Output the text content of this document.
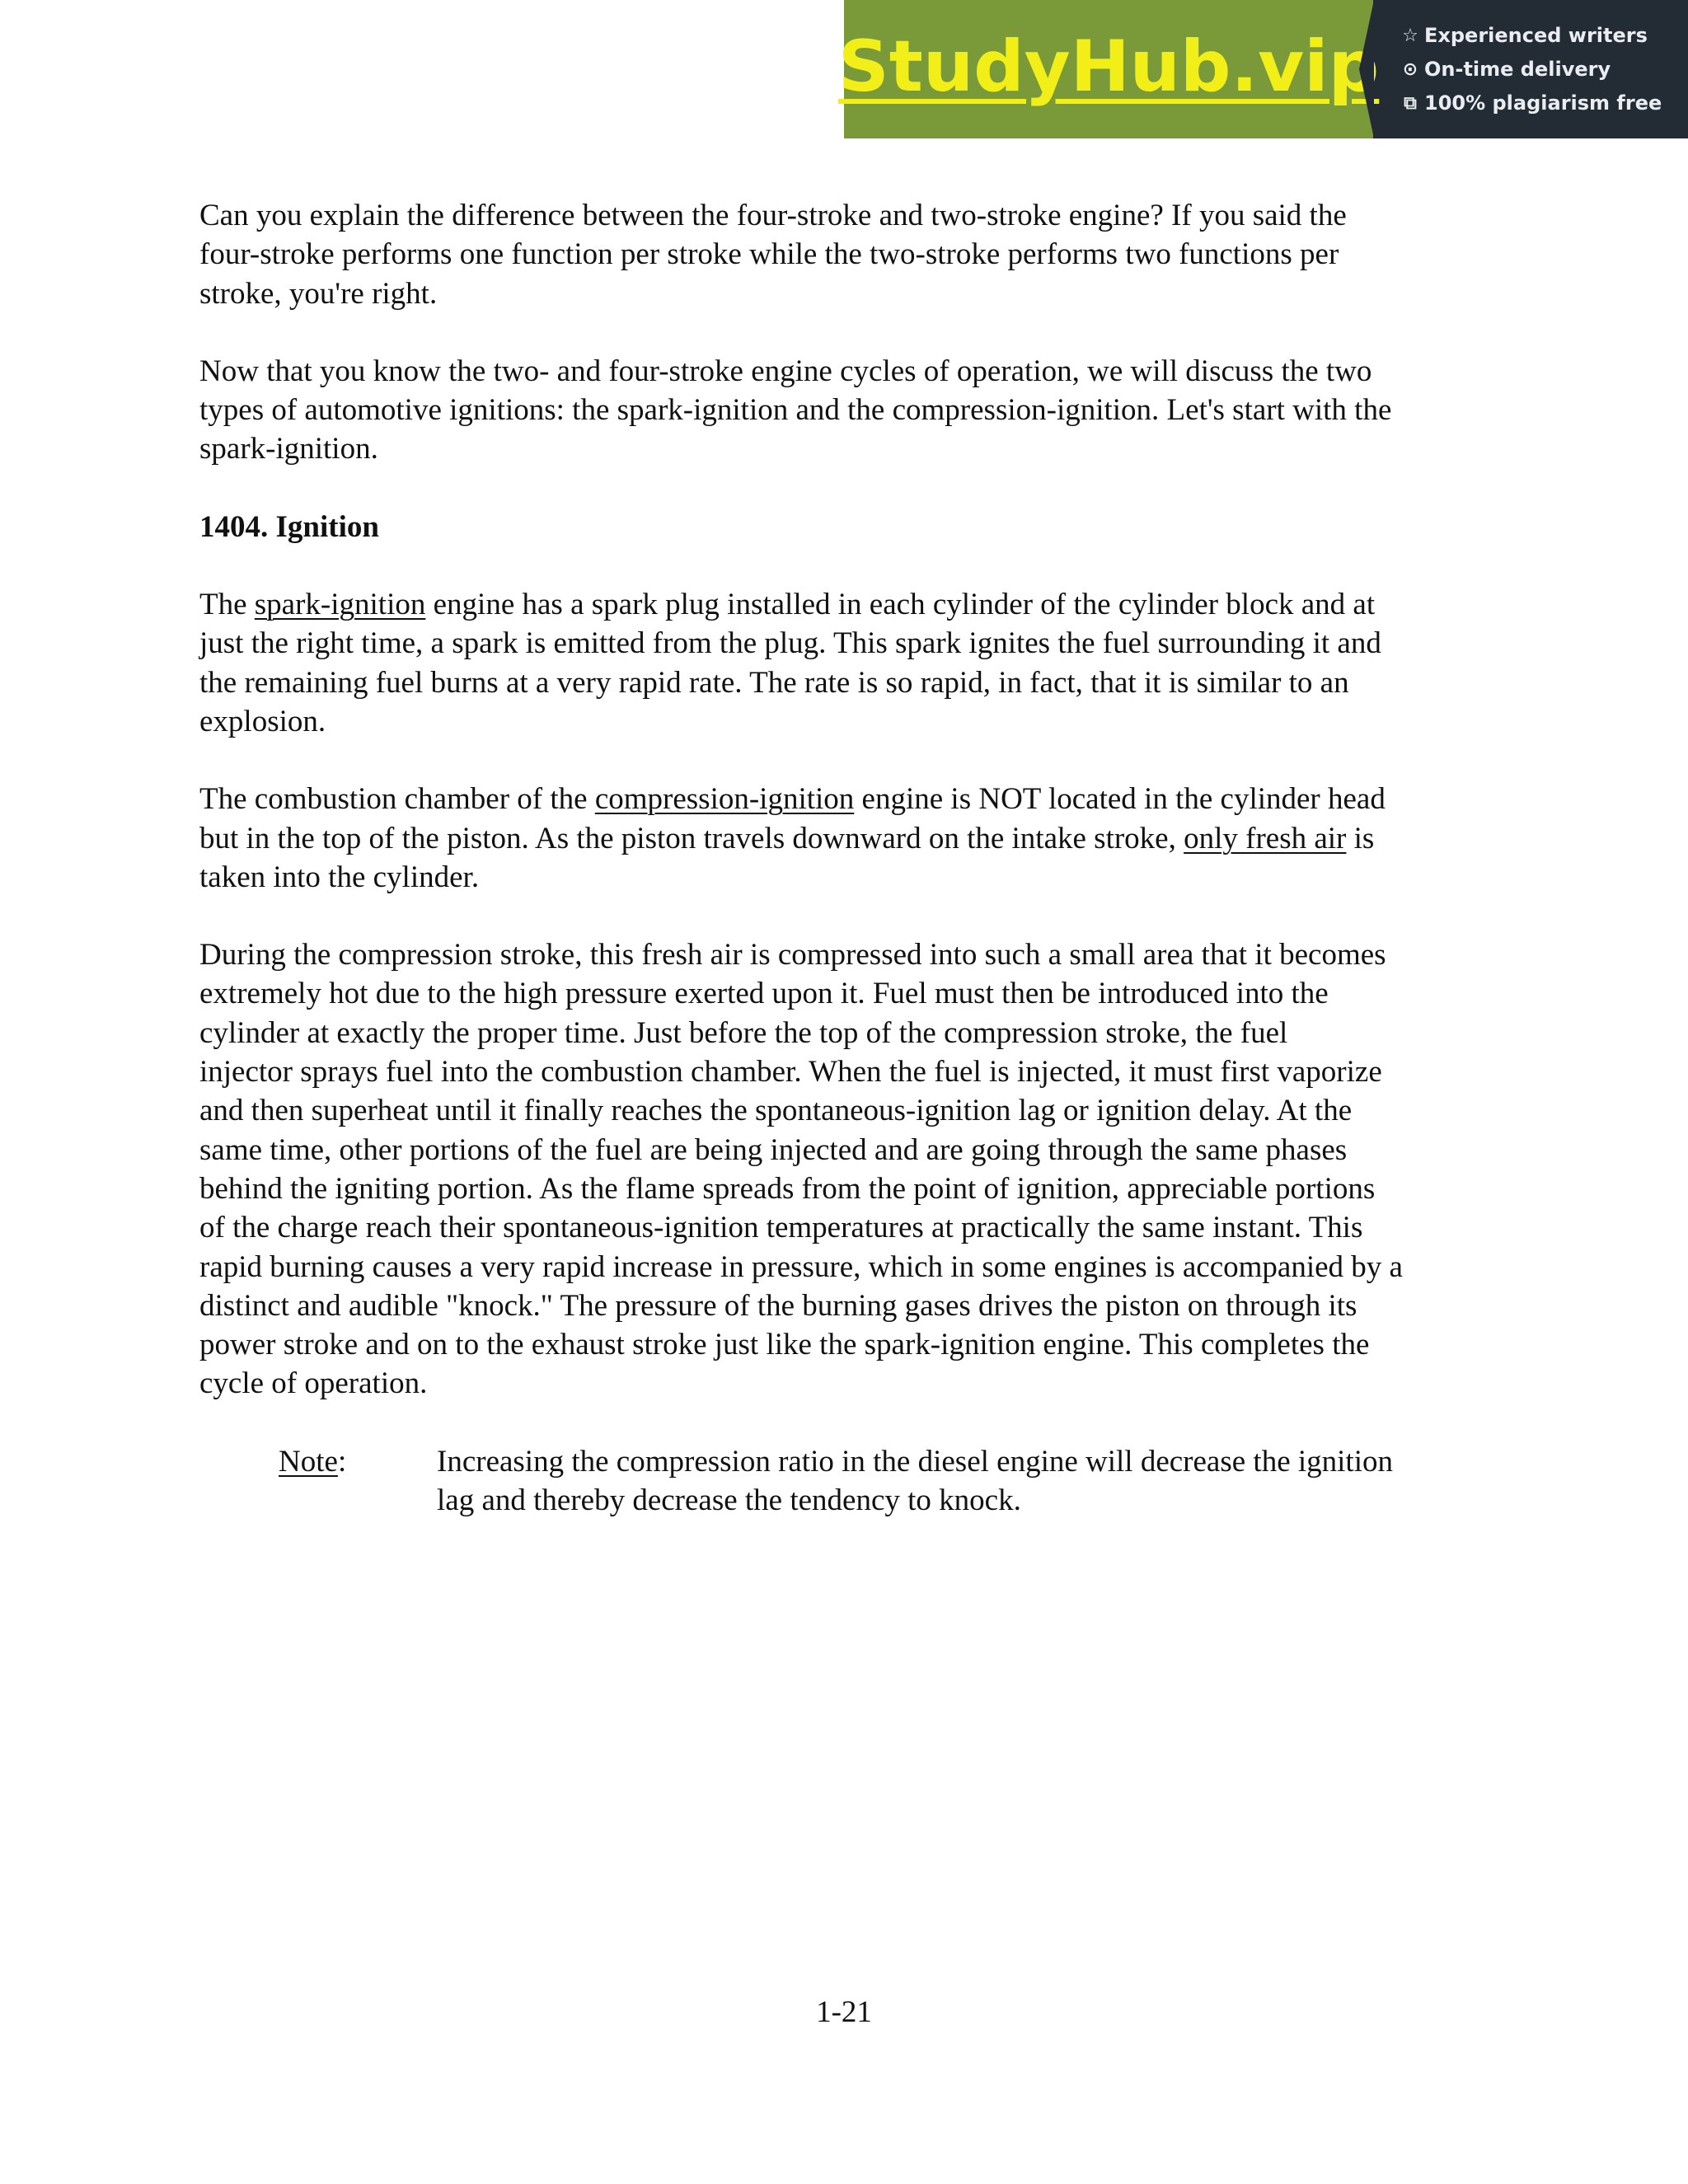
StudyHub.vip ☆ Experienced writers
⊙ On-time delivery
⧉ 100% plagiarism free
Can you explain the difference between the four-stroke and two-stroke engine? If you said the
four-stroke performs one function per stroke while the two-stroke performs two functions per
stroke, you're right.
Now that you know the two- and four-stroke engine cycles of operation, we will discuss the two
types of automotive ignitions: the spark-ignition and the compression-ignition. Let's start with the
spark-ignition.
1404. Ignition
The spark-ignition engine has a spark plug installed in each cylinder of the cylinder block and at
just the right time, a spark is emitted from the plug. This spark ignites the fuel surrounding it and
the remaining fuel burns at a very rapid rate. The rate is so rapid, in fact, that it is similar to an
explosion.
The combustion chamber of the compression-ignition engine is NOT located in the cylinder head
but in the top of the piston. As the piston travels downward on the intake stroke, only fresh air is
taken into the cylinder.
During the compression stroke, this fresh air is compressed into such a small area that it becomes
extremely hot due to the high pressure exerted upon it. Fuel must then be introduced into the
cylinder at exactly the proper time. Just before the top of the compression stroke, the fuel
injector sprays fuel into the combustion chamber. When the fuel is injected, it must first vaporize
and then superheat until it finally reaches the spontaneous-ignition lag or ignition delay. At the
same time, other portions of the fuel are being injected and are going through the same phases
behind the igniting portion. As the flame spreads from the point of ignition, appreciable portions
of the charge reach their spontaneous-ignition temperatures at practically the same instant. This
rapid burning causes a very rapid increase in pressure, which in some engines is accompanied by a
distinct and audible "knock." The pressure of the burning gases drives the piston on through its
power stroke and on to the exhaust stroke just like the spark-ignition engine. This completes the
cycle of operation.
Note:	Increasing the compression ratio in the diesel engine will decrease the ignition
lag and thereby decrease the tendency to knock.
1-21
